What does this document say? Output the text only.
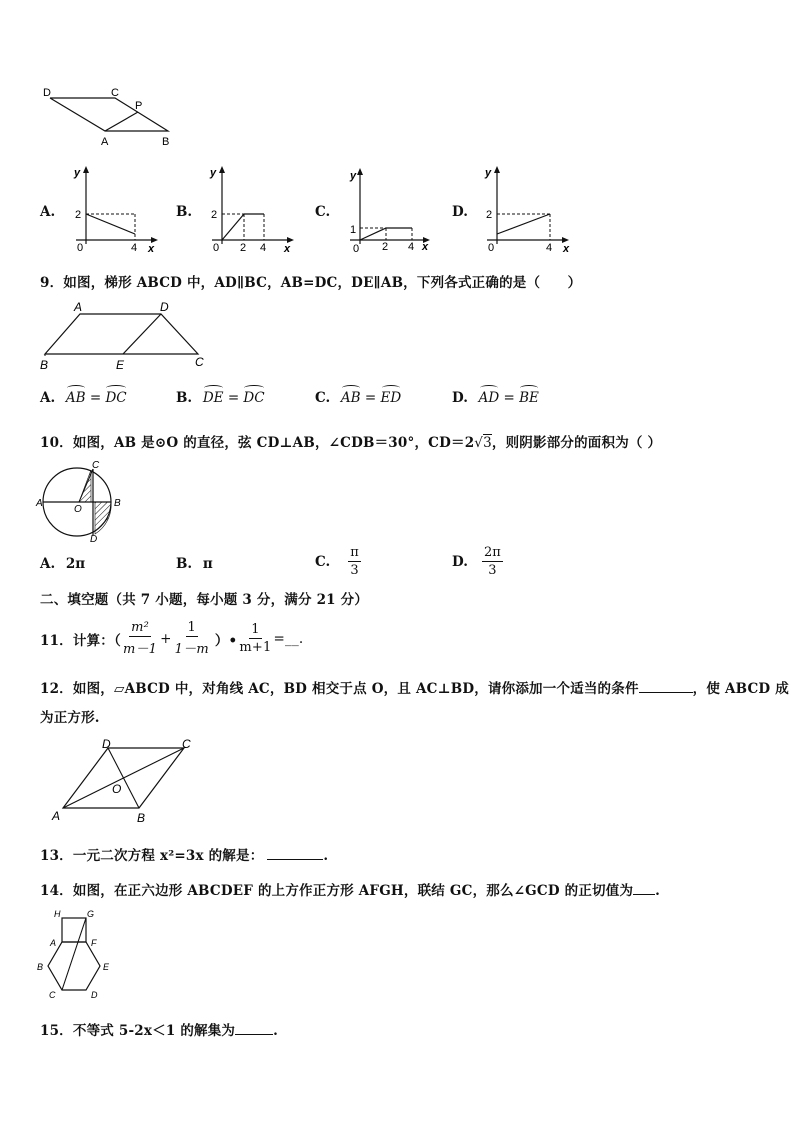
D	C
P
A	B
A.
y
x
2
0	4
B.
y
x
2
0 2 4
C.
y
x
1
0 2 4
D.
y
x
2
0	4
9．如图，梯形 ABCD 中，AD∥BC，AB=DC，DE∥AB，下列各式正确的是（　　）
A	D
B	E	C
A. AB = DC	B. DE = DC	C. AB = ED	D. AD = BE
10．如图，AB 是⊙O 的直径，弦 CD⊥AB，∠CDB＝30°，CD＝2√3，则阴影部分的面积为（ ）
C
A
O
B
D
A. 2π	B. π	C. $\frac{\pi}{3}$	D. $\frac{2\pi}{3}$
二、填空题（共 7 小题，每小题 3 分，满分 21 分）
11．计算：（ $\frac{\text{m²}}{m-1} + \frac{1}{1-m}$ ）• $\frac{1}{m+1}$ =__.
12．如图，▱ABCD 中，对角线 AC，BD 相交于点 O，且 AC⊥BD，请你添加一个适当的条件	，使 ABCD 成
为正方形.
D	C
O
A	B
13．一元二次方程 x²=3x 的解是：	.
14．如图，在正六边形 ABCDEF 的上方作正方形 AFGH，联结 GC，那么∠GCD 的正切值为 .
H	G
A	F
B	E
C	D
15．不等式 5-2x＜1 的解集为	.
